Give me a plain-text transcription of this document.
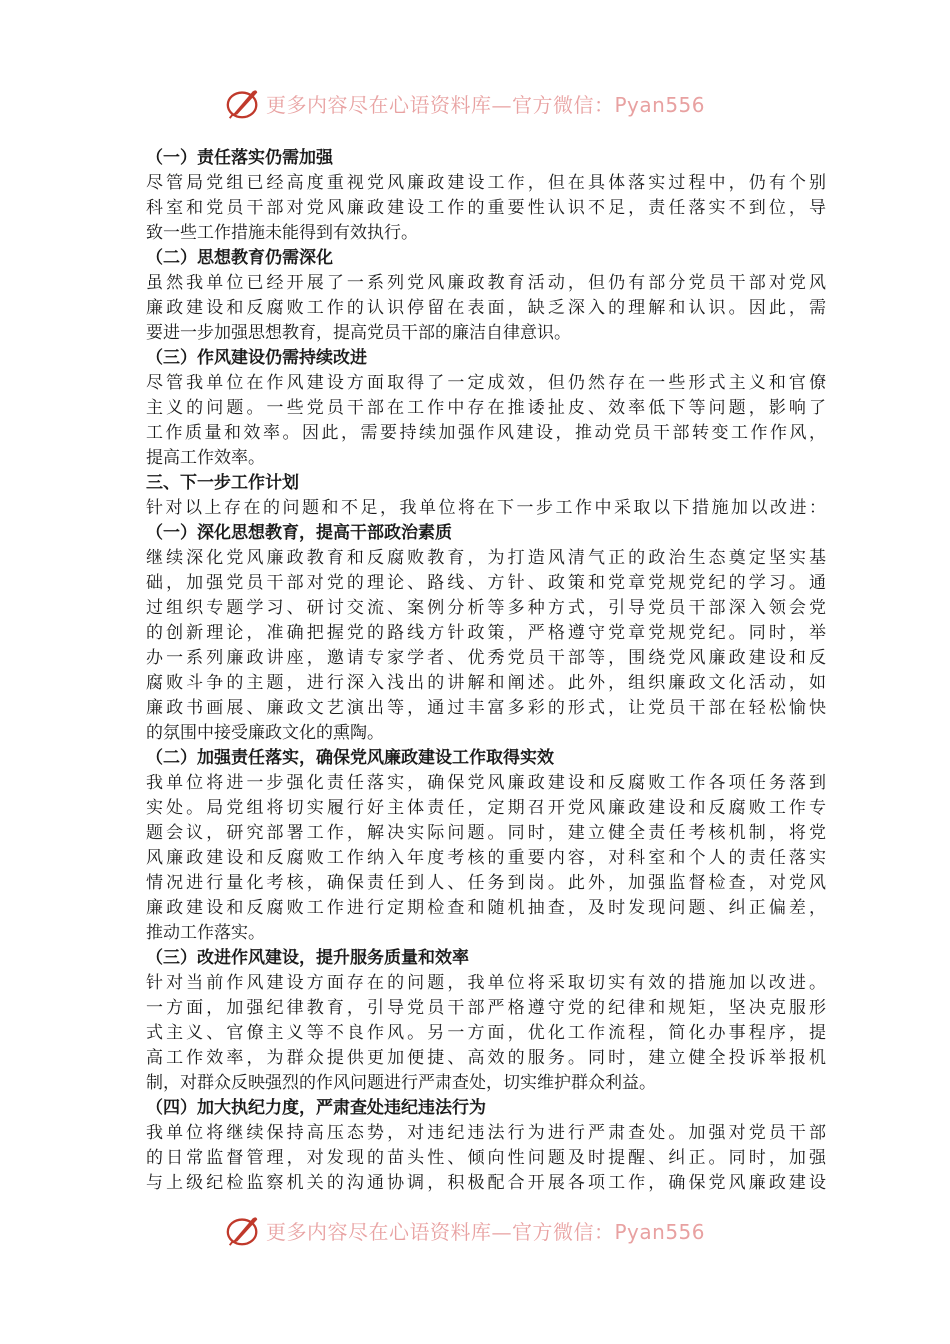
更多内容尽在心语资料库—官方微信：Pyan556
（一）责任落实仍需加强
尽管局党组已经高度重视党风廉政建设工作，但在具体落实过程中，仍有个别
科室和党员干部对党风廉政建设工作的重要性认识不足，责任落实不到位，导
致一些工作措施未能得到有效执行。
（二）思想教育仍需深化
虽然我单位已经开展了一系列党风廉政教育活动，但仍有部分党员干部对党风
廉政建设和反腐败工作的认识停留在表面，缺乏深入的理解和认识。因此，需
要进一步加强思想教育，提高党员干部的廉洁自律意识。
（三）作风建设仍需持续改进
尽管我单位在作风建设方面取得了一定成效，但仍然存在一些形式主义和官僚
主义的问题。一些党员干部在工作中存在推诿扯皮、效率低下等问题，影响了
工作质量和效率。因此，需要持续加强作风建设，推动党员干部转变工作作风，
提高工作效率。
三、下一步工作计划
针对以上存在的问题和不足，我单位将在下一步工作中采取以下措施加以改进：
（一）深化思想教育，提高干部政治素质
继续深化党风廉政教育和反腐败教育，为打造风清气正的政治生态奠定坚实基
础，加强党员干部对党的理论、路线、方针、政策和党章党规党纪的学习。通
过组织专题学习、研讨交流、案例分析等多种方式，引导党员干部深入领会党
的创新理论，准确把握党的路线方针政策，严格遵守党章党规党纪。同时，举
办一系列廉政讲座，邀请专家学者、优秀党员干部等，围绕党风廉政建设和反
腐败斗争的主题，进行深入浅出的讲解和阐述。此外，组织廉政文化活动，如
廉政书画展、廉政文艺演出等，通过丰富多彩的形式，让党员干部在轻松愉快
的氛围中接受廉政文化的熏陶。
（二）加强责任落实，确保党风廉政建设工作取得实效
我单位将进一步强化责任落实，确保党风廉政建设和反腐败工作各项任务落到
实处。局党组将切实履行好主体责任，定期召开党风廉政建设和反腐败工作专
题会议，研究部署工作，解决实际问题。同时，建立健全责任考核机制，将党
风廉政建设和反腐败工作纳入年度考核的重要内容，对科室和个人的责任落实
情况进行量化考核，确保责任到人、任务到岗。此外，加强监督检查，对党风
廉政建设和反腐败工作进行定期检查和随机抽查，及时发现问题、纠正偏差，
推动工作落实。
（三）改进作风建设，提升服务质量和效率
针对当前作风建设方面存在的问题，我单位将采取切实有效的措施加以改进。
一方面，加强纪律教育，引导党员干部严格遵守党的纪律和规矩，坚决克服形
式主义、官僚主义等不良作风。另一方面，优化工作流程，简化办事程序，提
高工作效率，为群众提供更加便捷、高效的服务。同时，建立健全投诉举报机
制，对群众反映强烈的作风问题进行严肃查处，切实维护群众利益。
（四）加大执纪力度，严肃查处违纪违法行为
我单位将继续保持高压态势，对违纪违法行为进行严肃查处。加强对党员干部
的日常监督管理，对发现的苗头性、倾向性问题及时提醒、纠正。同时，加强
与上级纪检监察机关的沟通协调，积极配合开展各项工作，确保党风廉政建设
更多内容尽在心语资料库—官方微信：Pyan556
